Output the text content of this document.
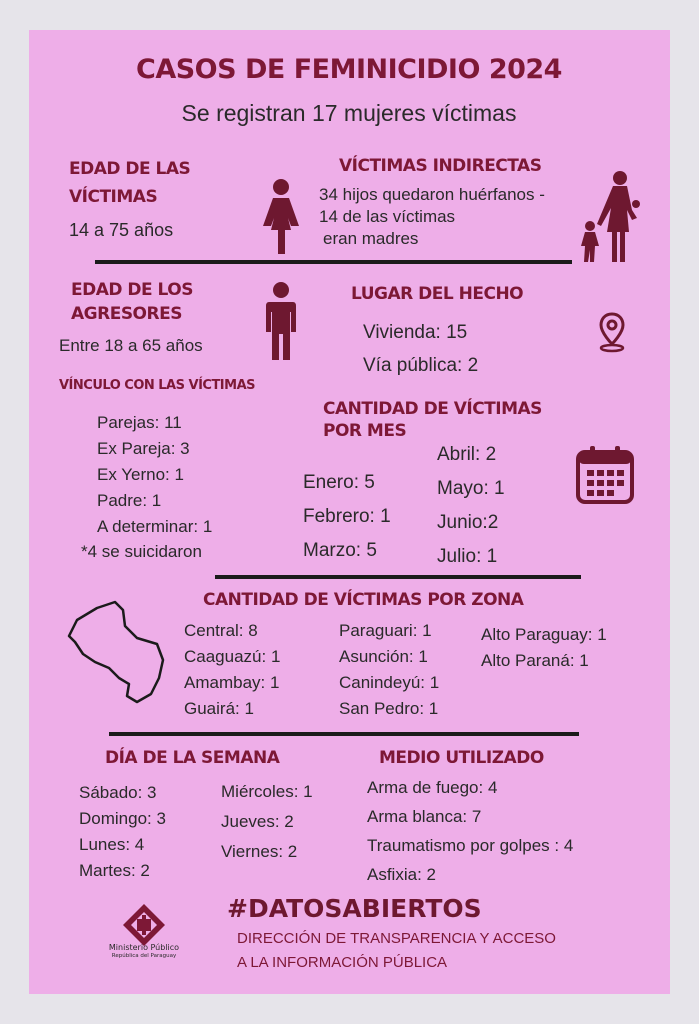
CASOS DE FEMINICIDIO 2024
Se registran 17 mujeres víctimas
EDAD DE LAS
VÍCTIMAS
14 a 75 años
VÍCTIMAS INDIRECTAS
34 hijos quedaron huérfanos -
14 de las víctimas
eran madres
EDAD DE LOS
AGRESORES
Entre 18 a 65 años
LUGAR DEL HECHO
Vivienda: 15
Vía pública: 2
VÍNCULO CON LAS VÍCTIMAS
Parejas: 11
Ex Pareja: 3
Ex Yerno: 1
Padre: 1
A determinar: 1
*4 se suicidaron
CANTIDAD DE VÍCTIMAS
POR MES
Enero: 5
Febrero: 1
Marzo: 5
Abril: 2
Mayo: 1
Junio:2
Julio: 1
CANTIDAD DE VÍCTIMAS POR ZONA
Central: 8
Caaguazú: 1
Amambay: 1
Guairá: 1
Paraguari: 1
Asunción: 1
Canindeyú: 1
San Pedro: 1
Alto Paraguay: 1
Alto Paraná: 1
DÍA DE LA SEMANA
Sábado: 3
Domingo: 3
Lunes: 4
Martes: 2
Miércoles: 1
Jueves: 2
Viernes: 2
MEDIO UTILIZADO
Arma de fuego: 4
Arma blanca: 7
Traumatismo por golpes : 4
Asfixia: 2
Ministerio Público
República del Paraguay
#DATOSABIERTOS
DIRECCIÓN DE TRANSPARENCIA Y ACCESO
A LA INFORMACIÓN PÚBLICA
